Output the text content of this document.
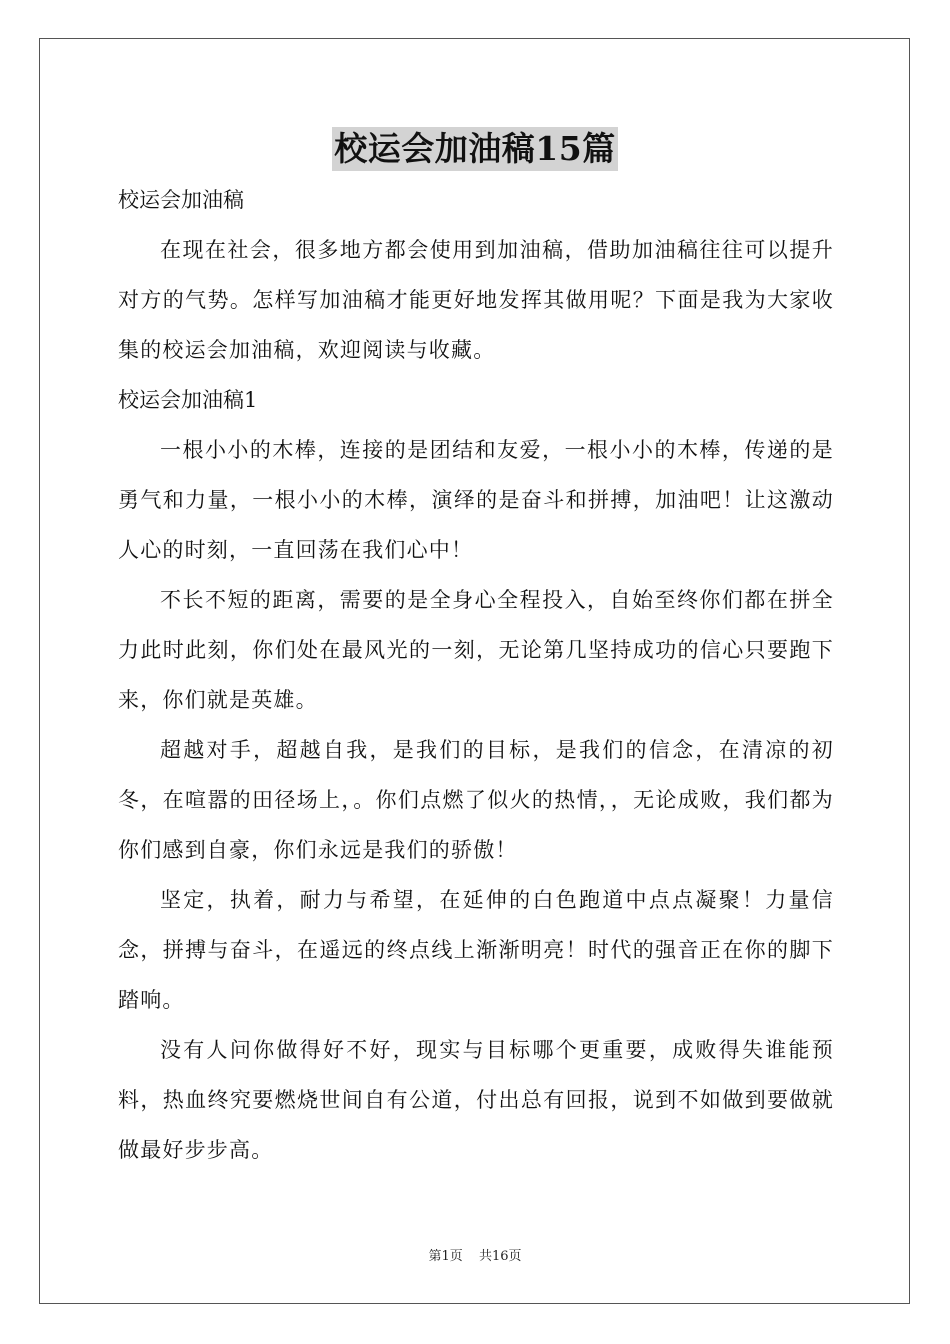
校运会加油稿15篇

校运会加油稿

在现在社会，很多地方都会使用到加油稿，借助加油稿往往可以提升对方的气势。怎样写加油稿才能更好地发挥其做用呢？下面是我为大家收集的校运会加油稿，欢迎阅读与收藏。

校运会加油稿1

一根小小的木棒，连接的是团结和友爱，一根小小的木棒，传递的是勇气和力量，一根小小的木棒，演绎的是奋斗和拼搏，加油吧！让这激动人心的时刻，一直回荡在我们心中！

不长不短的距离，需要的是全身心全程投入，自始至终你们都在拼全力此时此刻，你们处在最风光的一刻，无论第几坚持成功的信心只要跑下来，你们就是英雄。

超越对手，超越自我，是我们的目标，是我们的信念，在清凉的初冬，在喧嚣的田径场上，。你们点燃了似火的热情，，无论成败，我们都为你们感到自豪，你们永远是我们的骄傲！

坚定，执着，耐力与希望，在延伸的白色跑道中点点凝聚！力量信念，拼搏与奋斗，在遥远的终点线上渐渐明亮！时代的强音正在你的脚下踏响。

没有人问你做得好不好，现实与目标哪个更重要，成败得失谁能预料，热血终究要燃烧世间自有公道，付出总有回报，说到不如做到要做就做最好步步高。

第1页 共16页
